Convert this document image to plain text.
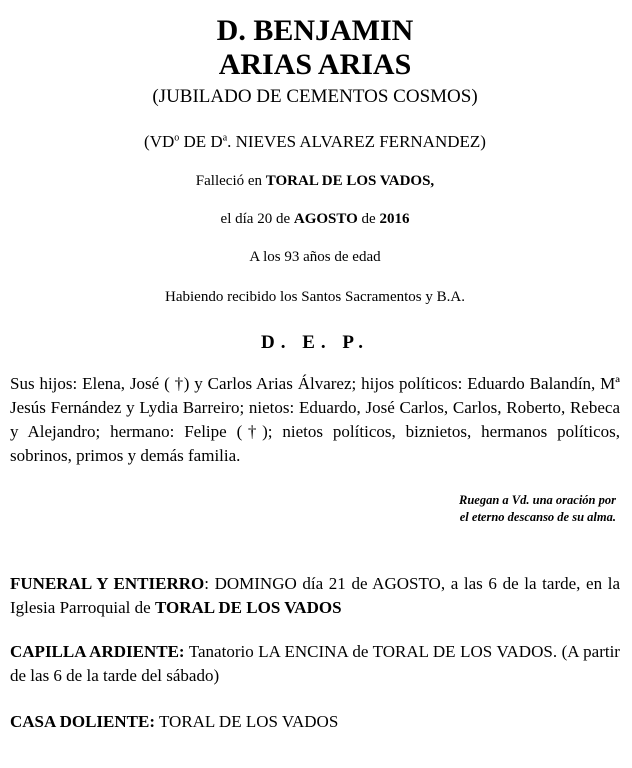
D. BENJAMIN

ARIAS ARIAS

(JUBILADO DE CEMENTOS COSMOS)

($VD^o$ DE $D^a$. NIEVES ALVAREZ FERNANDEZ)

Falleció en TORAL DE LOS VADOS,

el día 20 de AGOSTO de 2016

A los 93 años de edad

Habiendo recibido los Santos Sacramentos y B.A.

D. E. P.

Sus hijos: Elena, José ( †) y Carlos Arias Álvarez; hijos políticos: Eduardo Balandín, Mª Jesús Fernández y Lydia Barreiro; nietos: Eduardo, José Carlos, Carlos, Roberto, Rebeca y Alejandro; hermano: Felipe (†); nietos políticos, biznietos, hermanos políticos, sobrinos, primos y demás familia.

Ruegan a Vd. una oración por
el eterno descanso de su alma.

FUNERAL Y ENTIERRO: DOMINGO día 21 de AGOSTO, a las 6 de la tarde, en la Iglesia Parroquial de TORAL DE LOS VADOS

CAPILLA ARDIENTE: Tanatorio LA ENCINA de TORAL DE LOS VADOS. (A partir de las 6 de la tarde del sábado)

CASA DOLIENTE: TORAL DE LOS VADOS
